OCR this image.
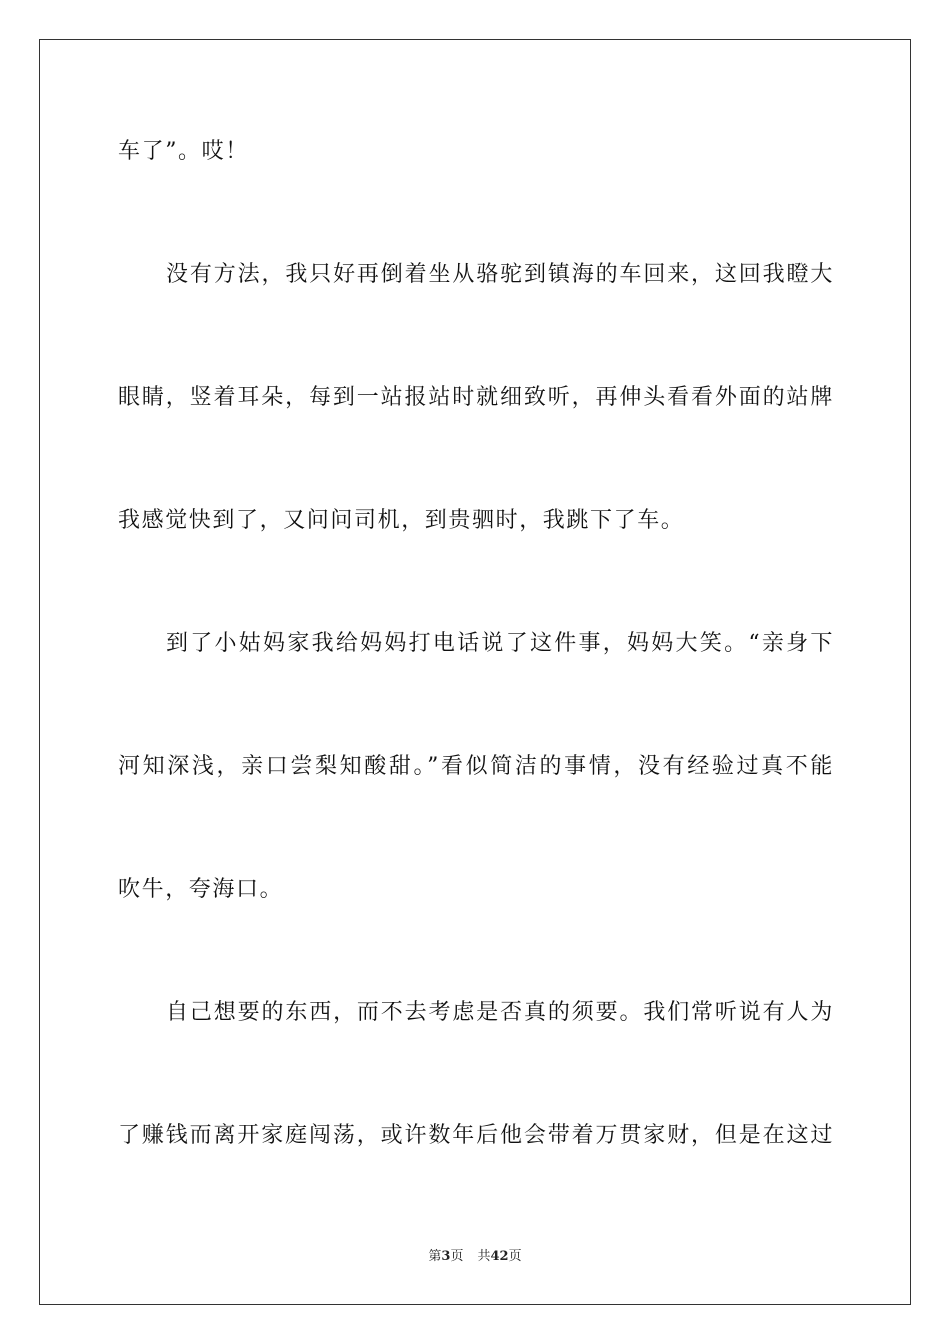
车了”。哎！
没有方法，我只好再倒着坐从骆驼到镇海的车回来，这回我瞪大
眼睛，竖着耳朵，每到一站报站时就细致听，再伸头看看外面的站牌
我感觉快到了，又问问司机，到贵驷时，我跳下了车。
到了小姑妈家我给妈妈打电话说了这件事，妈妈大笑。“亲身下
河知深浅，亲口尝梨知酸甜。”看似简洁的事情，没有经验过真不能
吹牛，夸海口。
自己想要的东西，而不去考虑是否真的须要。我们常听说有人为
了赚钱而离开家庭闯荡，或许数年后他会带着万贯家财，但是在这过
第3页 共42页
